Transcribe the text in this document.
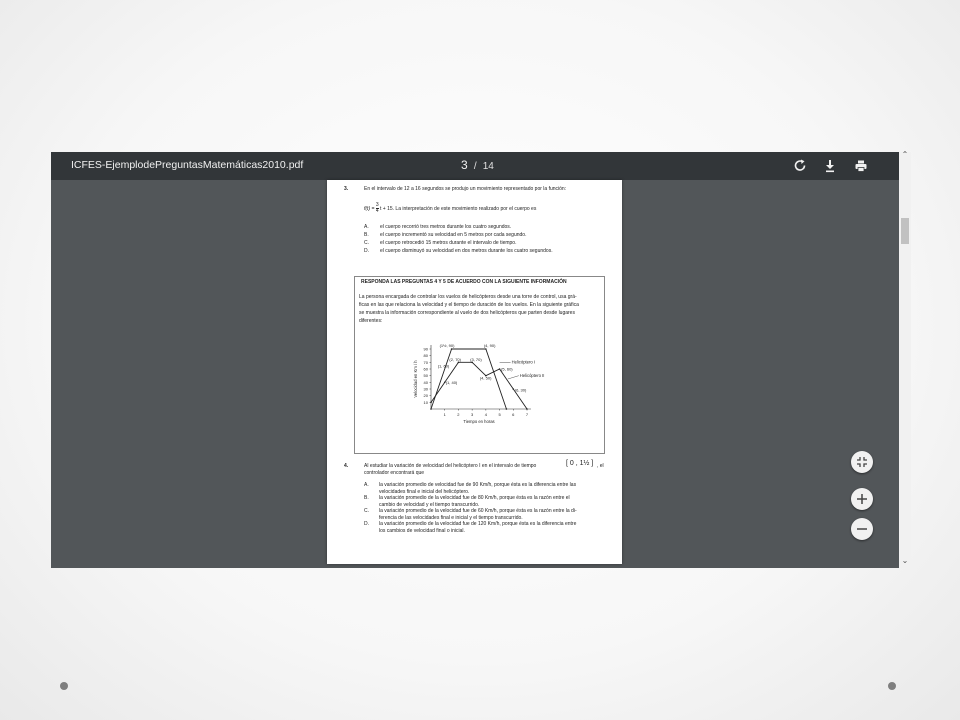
ICFES-EjemplodePreguntasMatemáticas2010.pdf	3 / 14
3.	En el intervalo de 12 a 16 segundos se produjo un movimiento representado por la función:
$f(t) = \frac{3}{4}$ t + 15. La interpretación de este movimiento realizado por el cuerpo es
A. el cuerpo recorrió tres metros durante los cuatro segundos.
B. el cuerpo incrementó su velocidad en 5 metros por cada segundo.
C. el cuerpo retrocedió 15 metros durante el intervalo de tiempo.
D. el cuerpo disminuyó su velocidad en dos metros durante los cuatro segundos.
RESPONDA LAS PREGUNTAS 4 Y 5 DE ACUERDO CON LA SIGUIENTE INFORMACIÓN
La persona encargada de controlar los vuelos de helicópteros desde una torre de control, usa grá-
ficas en las que relaciona la velocidad y el tiempo de duración de los vuelos. En la siguiente gráfica
se muestra la información correspondiente al vuelo de dos helicópteros que parten desde lugares
diferentes:
10
20
30
40
50
60
70
80
90
1	2	3	4	5	6	7
Tiempo en horas
Velocidad en Km / h
(1½, 90)	(4, 90)
(1, 60)
(2, 70) (3, 70)
(1, 40)
(4, 50)
(5, 60)
(6, 30)
Helicóptero I
Helicóptero II
4.	Al estudiar la variación de velocidad del helicóptero I en el intervalo de tiempo	[ 0 , 1½ ] , el
controlador encontrará que
A. la variación promedio de velocidad fue de 90 Km/h, porque ésta es la diferencia entre las
velocidades final e inicial del helicóptero.
B. la variación promedio de la velocidad fue de 80 Km/h, porque ésta es la razón entre el
cambio de velocidad y el tiempo transcurrido.
C. la variación promedio de la velocidad fue de 60 Km/h, porque ésta es la razón entre la di-
ferencia de las velocidades final e inicial y el tiempo transcurrido.
D. la variación promedio de la velocidad fue de 120 Km/h, porque ésta es la diferencia entre
los cambios de velocidad final o inicial.
⌃
⌄
